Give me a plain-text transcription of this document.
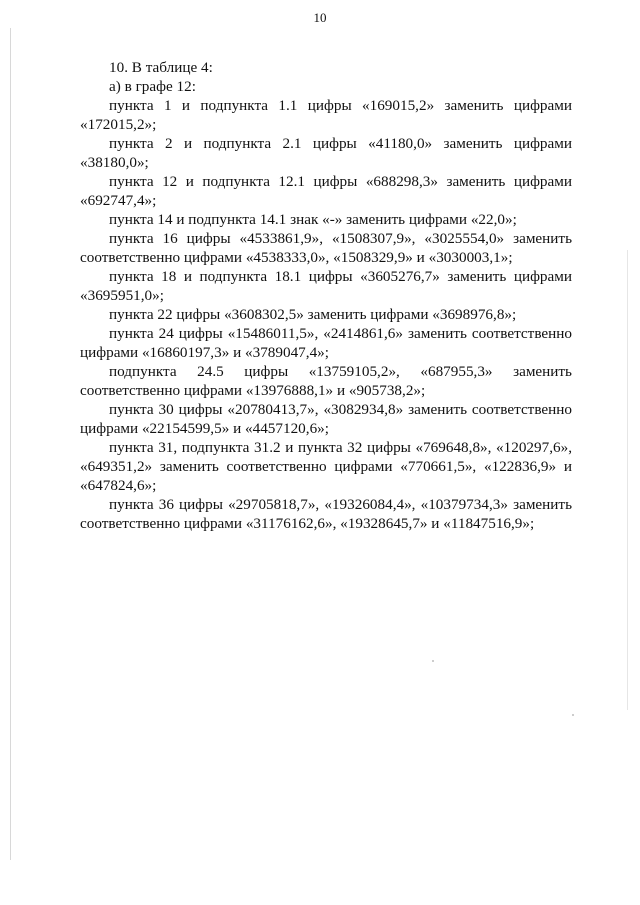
10

10. В таблице 4:

а) в графе 12:

пункта 1 и подпункта 1.1 цифры «169015,2» заменить цифрами «172015,2»;

пункта 2 и подпункта 2.1 цифры «41180,0» заменить цифрами «38180,0»;

пункта 12 и подпункта 12.1 цифры «688298,3» заменить цифрами «692747,4»;

пункта 14 и подпункта 14.1 знак «-» заменить цифрами «22,0»;

пункта 16 цифры «4533861,9», «1508307,9», «3025554,0» заменить соответственно цифрами «4538333,0», «1508329,9» и «3030003,1»;

пункта 18 и подпункта 18.1 цифры «3605276,7» заменить цифрами «3695951,0»;

пункта 22 цифры «3608302,5» заменить цифрами «3698976,8»;

пункта 24 цифры «15486011,5», «2414861,6» заменить соответственно цифрами «16860197,3» и «3789047,4»;

подпункта 24.5 цифры «13759105,2», «687955,3» заменить соответственно цифрами «13976888,1» и «905738,2»;

пункта 30 цифры «20780413,7», «3082934,8» заменить соответственно цифрами «22154599,5» и «4457120,6»;

пункта 31, подпункта 31.2 и пункта 32 цифры «769648,8», «120297,6», «649351,2» заменить соответственно цифрами «770661,5», «122836,9» и «647824,6»;

пункта 36 цифры «29705818,7», «19326084,4», «10379734,3» заменить соответственно цифрами «31176162,6», «19328645,7» и «11847516,9»;
